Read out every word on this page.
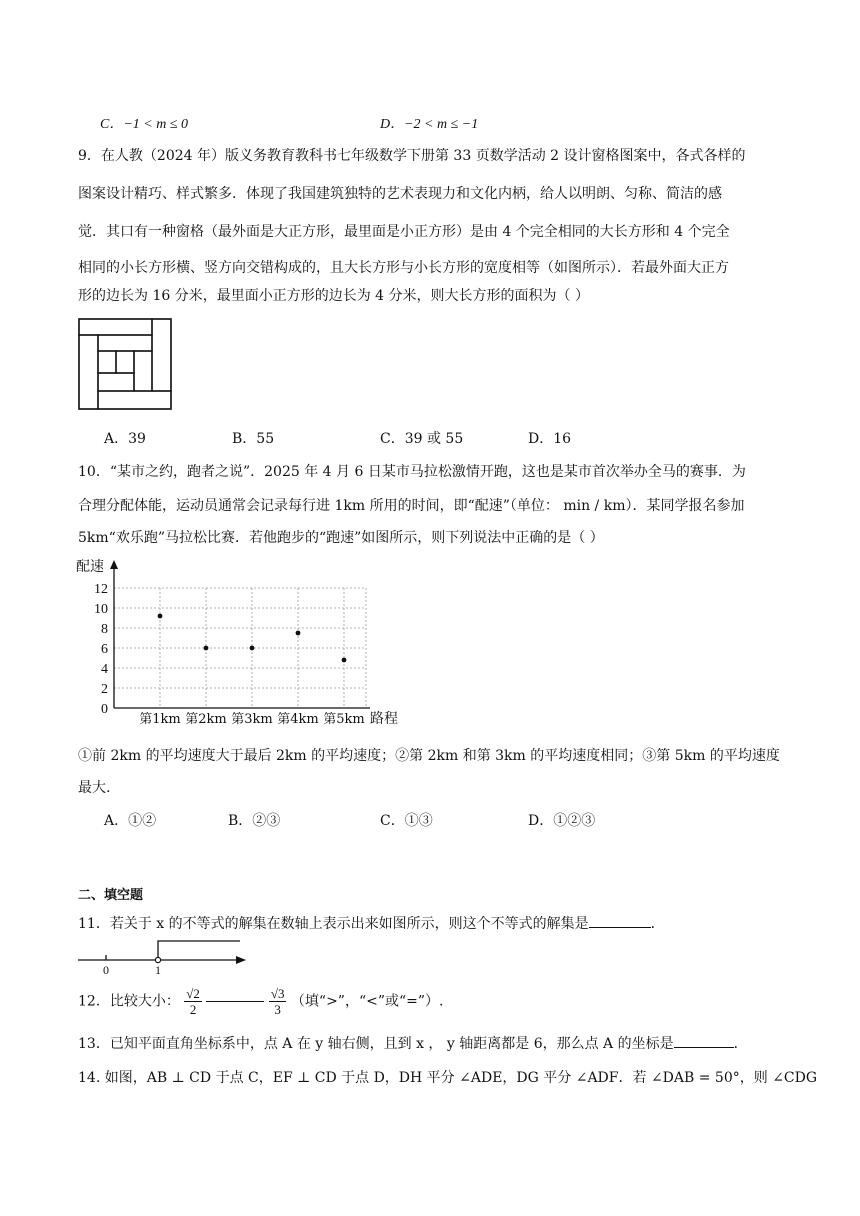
C．−1 < m ≤ 0	D．−2 < m ≤ −1
9．在人教（2024 年）版义务教育教科书七年级数学下册第 33 页数学活动 2 设计窗格图案中，各式各样的
图案设计精巧、样式繁多．体现了我国建筑独特的艺术表现力和文化内柄，给人以明朗、匀称、简洁的感
觉．其口有一种窗格（最外面是大正方形，最里面是小正方形）是由 4 个完全相同的大长方形和 4 个完全
相同的小长方形横、竖方向交错构成的，且大长方形与小长方形的宽度相等（如图所示）．若最外面大正方
形的边长为 16 分米，最里面小正方形的边长为 4 分米，则大长方形的面积为（ ）
A．39	B．55	C．39 或 55	D．16
10．“某市之约，跑者之说”．2025 年 4 月 6 日某市马拉松激情开跑，这也是某市首次举办全马的赛事．为
合理分配体能，运动员通常会记录每行进 1km 所用的时间，即“配速”（单位： min / km）．某同学报名参加
5km“欢乐跑”马拉松比赛．若他跑步的“跑速”如图所示，则下列说法中正确的是（ ）
0
2
4
6
8
10
12
第1km 第2km 第3km 第4km 第5km
配速
路程
①前 2km 的平均速度大于最后 2km 的平均速度；②第 2km 和第 3km 的平均速度相同；③第 5km 的平均速度
最大.
A．①②	B．②③	C．①③	D．①②③
二、填空题
11．若关于 x 的不等式的解集在数轴上表示出来如图所示，则这个不等式的解集是	．
0	1
12．比较大小： $\frac{√2}{2}$
	$\frac{√3}{3}$ （填“>”，“<”或“=”）.
13．已知平面直角坐标系中，点 A 在 y 轴右侧，且到 x ， y 轴距离都是 6，那么点 A 的坐标是	．
14. 如图，AB ⊥ CD 于点 C，EF ⊥ CD 于点 D，DH 平分 ∠ADE，DG 平分 ∠ADF．若 ∠DAB = 50°，则 ∠CDG
